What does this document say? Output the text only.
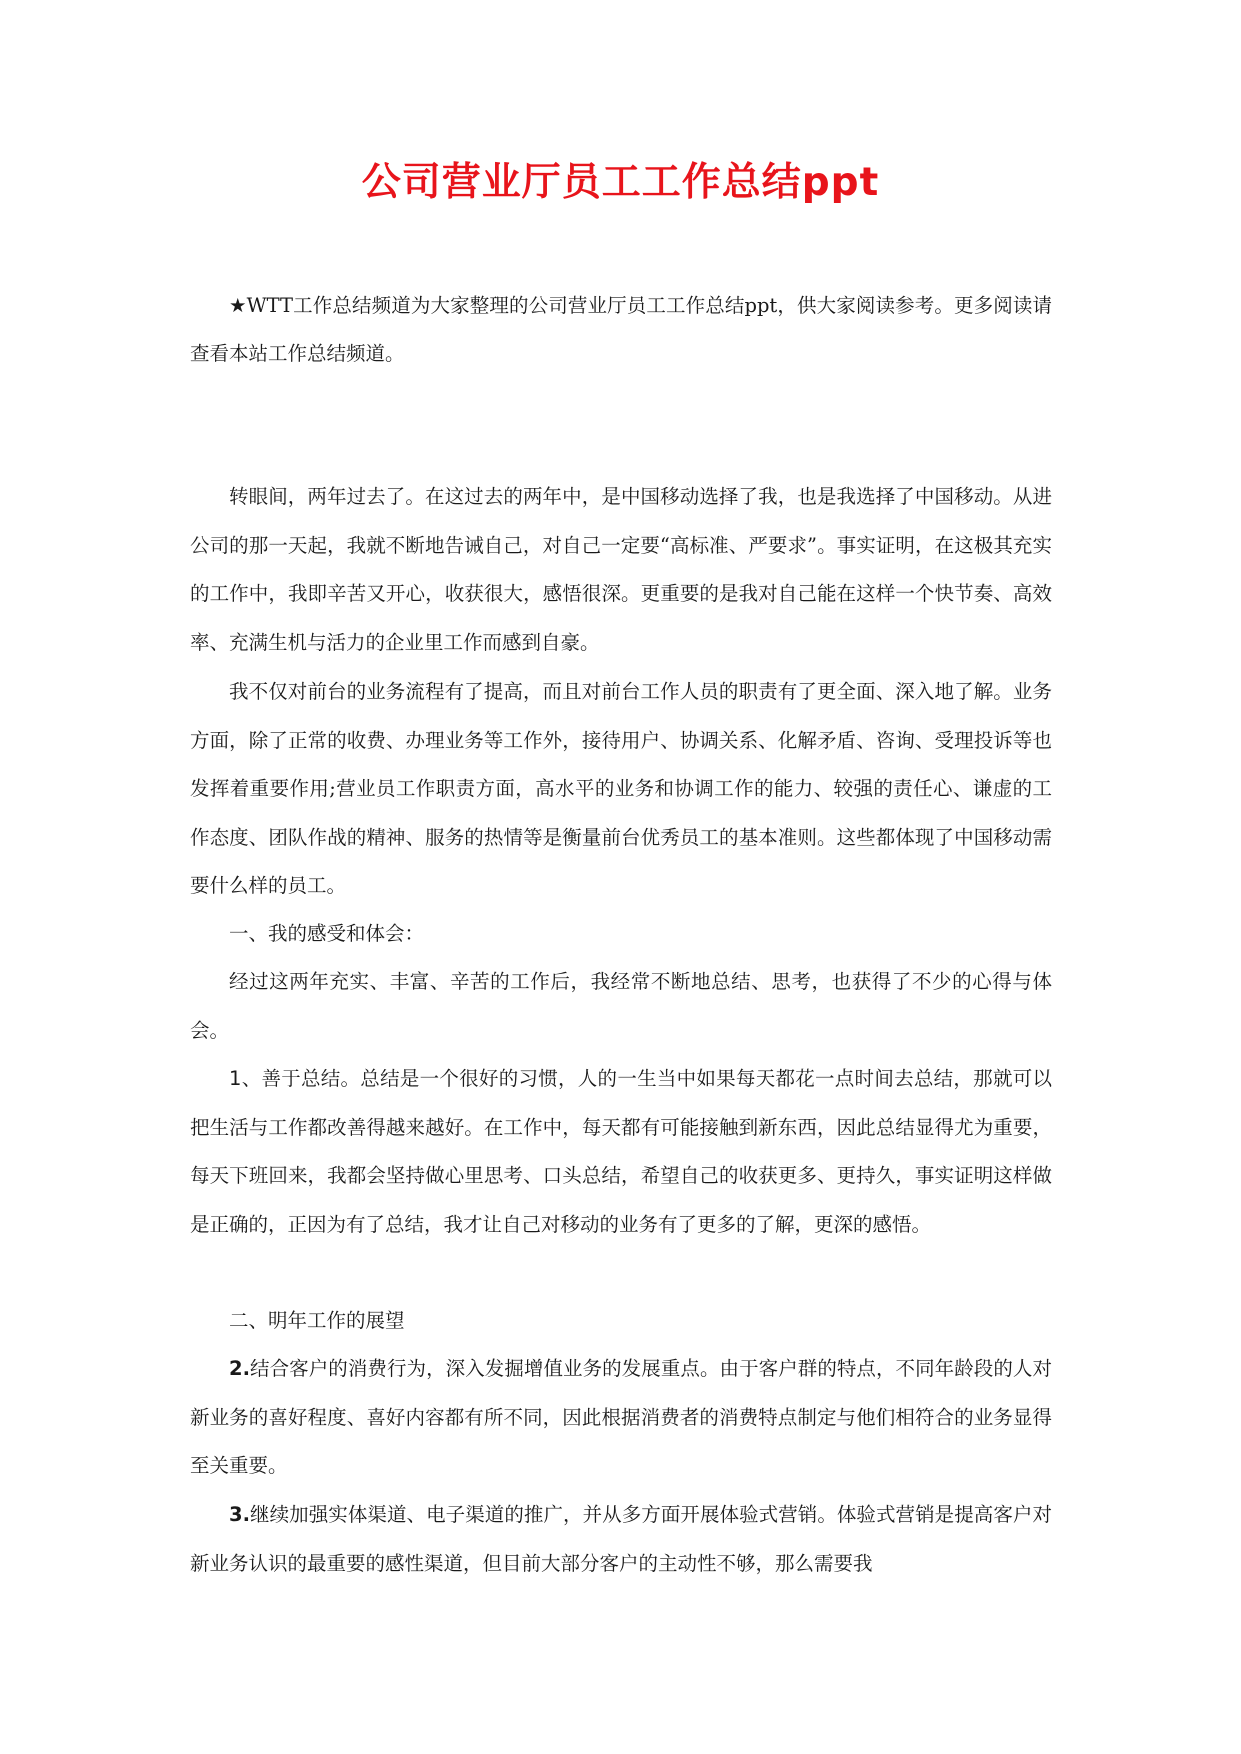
公司营业厅员工工作总结ppt

★WTT工作总结频道为大家整理的公司营业厅员工工作总结ppt，供大家阅读参考。更多阅读请查看本站工作总结频道。

转眼间，两年过去了。在这过去的两年中，是中国移动选择了我，也是我选择了中国移动。从进公司的那一天起，我就不断地告诫自己，对自己一定要“高标准、严要求”。事实证明，在这极其充实的工作中，我即辛苦又开心，收获很大，感悟很深。更重要的是我对自己能在这样一个快节奏、高效率、充满生机与活力的企业里工作而感到自豪。

我不仅对前台的业务流程有了提高，而且对前台工作人员的职责有了更全面、深入地了解。业务方面，除了正常的收费、办理业务等工作外，接待用户、协调关系、化解矛盾、咨询、受理投诉等也发挥着重要作用;营业员工作职责方面，高水平的业务和协调工作的能力、较强的责任心、谦虚的工作态度、团队作战的精神、服务的热情等是衡量前台优秀员工的基本准则。这些都体现了中国移动需要什么样的员工。

一、我的感受和体会：

经过这两年充实、丰富、辛苦的工作后，我经常不断地总结、思考，也获得了不少的心得与体会。

1、善于总结。总结是一个很好的习惯，人的一生当中如果每天都花一点时间去总结，那就可以把生活与工作都改善得越来越好。在工作中，每天都有可能接触到新东西，因此总结显得尤为重要，每天下班回来，我都会坚持做心里思考、口头总结，希望自己的收获更多、更持久，事实证明这样做是正确的，正因为有了总结，我才让自己对移动的业务有了更多的了解，更深的感悟。

二、明年工作的展望

2.结合客户的消费行为，深入发掘增值业务的发展重点。由于客户群的特点，不同年龄段的人对新业务的喜好程度、喜好内容都有所不同，因此根据消费者的消费特点制定与他们相符合的业务显得至关重要。

3.继续加强实体渠道、电子渠道的推广，并从多方面开展体验式营销。体验式营销是提高客户对新业务认识的最重要的感性渠道，但目前大部分客户的主动性不够，那么需要我
